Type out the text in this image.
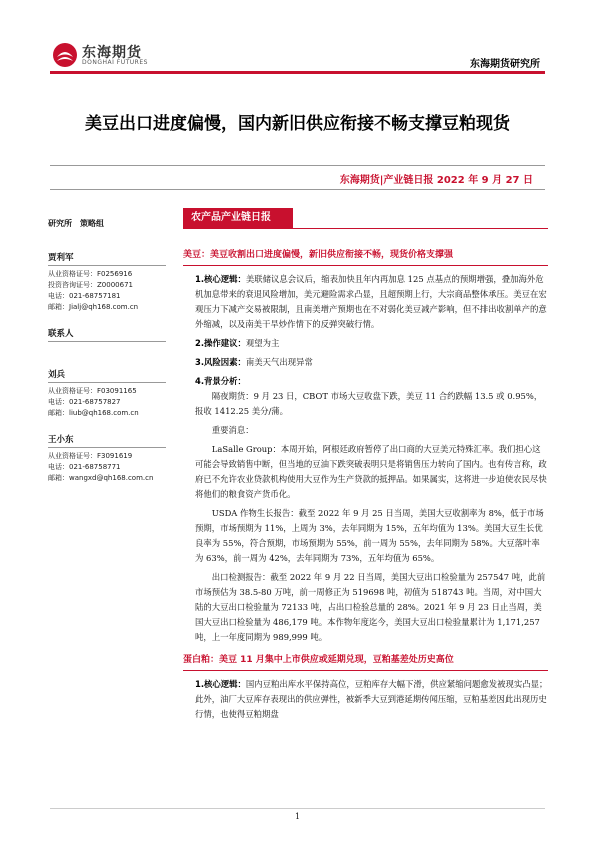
东海期货
DONGHAI FUTURES	东海期货研究所
美豆出口进度偏慢，国内新旧供应衔接不畅支撑豆粕现货
东海期货|产业链日报 2022 年 9 月 27 日
研究所 策略组
贾利军
从业资格证号：F0256916
投资咨询证号：Z0000671
电话：021-68757181
邮箱：Jialj@qh168.com.cn
联系人
刘兵
从业资格证号：F03091165
电话：021-68757827
邮箱：liub@qh168.com.cn
王小东
从业资格证号：F3091619
电话：021-68758771
邮箱：wangxd@qh168.com.cn
农产品产业链日报
美豆：美豆收割出口进度偏慢，新旧供应衔接不畅，现货价格支撑强
1.核心逻辑：美联储议息会议后，缩表加快且年内再加息 125 点基点的预期增强，叠加海外危机加息带来的衰退风险增加，美元避险需求凸显，且超预期上行，大宗商品整体承压。美豆在宏观压力下减产交易被限制，且南美增产预期也在不对弱化美豆减产影响，但不排出收割单产的意外缩减，以及南美干旱炒作情下的反弹突破行情。
2.操作建议：观望为主
3.风险因素：南美天气出现异常
4.背景分析：
隔夜期货：9 月 23 日，CBOT 市场大豆收盘下跌，美豆 11 合约跌幅 13.5 或 0.95%，报收 1412.25 美分/蒲。
重要消息：
LaSalle Group：本周开始，阿根廷政府暂停了出口商的大豆美元特殊汇率。我们担心这可能会导致销售中断，但当地的豆油下跌突破表明只是将销售压力转向了国内。也有传言称，政府已不允许农业贷款机构使用大豆作为生产贷款的抵押品。如果属实，这将进一步迫使农民尽快将他们的粮食资产货币化。
USDA 作物生长报告：截至 2022 年 9 月 25 日当周，美国大豆收割率为 8%，低于市场预期，市场预期为 11%，上周为 3%，去年同期为 15%，五年均值为 13%。美国大豆生长优良率为 55%，符合预期，市场预期为 55%，前一周为 55%，去年同期为 58%。大豆落叶率为 63%，前一周为 42%，去年同期为 73%，五年均值为 65%。
出口检测报告：截至 2022 年 9 月 22 日当周，美国大豆出口检验量为 257547 吨，此前市场预估为 38.5-80 万吨，前一周修正为 519698 吨，初值为 518743 吨。当周，对中国大陆的大豆出口检验量为 72133 吨，占出口检验总量的 28%。2021 年 9 月 23 日止当周，美国大豆出口检验量为 486,179 吨。本作物年度迄今，美国大豆出口检验量累计为 1,171,257 吨，上一年度同期为 989,999 吨。
蛋白粕：美豆 11 月集中上市供应或延期兑现，豆粕基差处历史高位
1.核心逻辑：国内豆粕出库水平保持高位，豆粕库存大幅下滑，供应紧缩问题愈发被现实凸显；此外，油厂大豆库存表现出的供应弹性，被新季大豆到港延期传闻压缩，豆粕基差因此出现历史行情，也使得豆粕期盘
1
